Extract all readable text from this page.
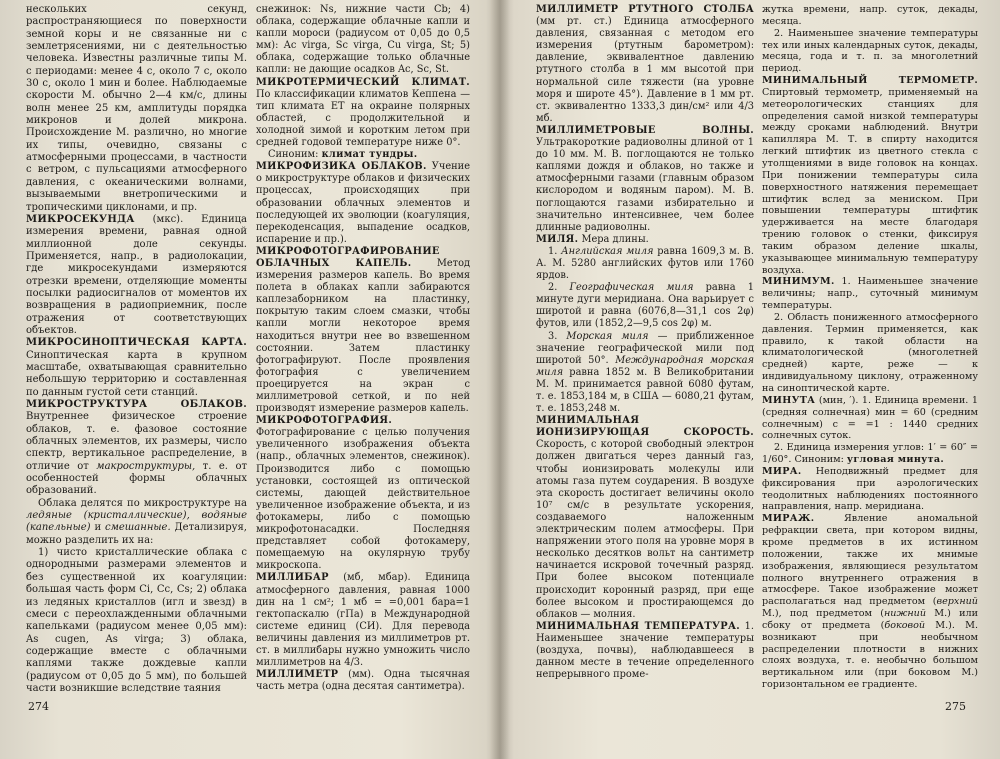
нескольких секунд, распространяющиеся по поверхности земной коры и не связанные ни с землетрясениями, ни с деятельностью человека. Известны различные типы М. с периодами: менее 4 с, около 7 с, около 30 с, около 1 мин и более. Наблюдаемые скорости М. обычно 2—4 км/с, длины волн менее 25 км, амплитуды порядка микронов и долей микрона. Происхождение М. различно, но многие их типы, очевидно, связаны с атмосферными процессами, в частности с ветром, с пульсациями атмосферного давления, с океаническими волнами, вызываемыми внетропическими и тропическими циклонами, и пр.

МИКРОСЕКУНДА (мкс). Единица измерения времени, равная одной миллионной доле секунды. Применяется, напр., в радиолокации, где микросекундами измеряются отрезки времени, отделяющие моменты посылки радиосигналов от моментов их возвращения в радиоприемник, после отражения от соответствующих объектов.

МИКРОСИНОПТИЧЕСКАЯ КАРТА. Синоптическая карта в крупном масштабе, охватывающая сравнительно небольшую территорию и составленная по данным густой сети станций.

МИКРОСТРУКТУРА ОБЛАКОВ. Внутреннее физическое строение облаков, т. е. фазовое состояние облачных элементов, их размеры, число спектр, вертикальное распределение, в отличие от макроструктуры, т. е. от особенностей формы облачных образований.

Облака делятся по микроструктуре на ледяные (кристаллические), водяные (капельные) и смешанные. Детализируя, можно разделить их на:

1) чисто кристаллические облака с однородными размерами элементов и без существенной их коагуляции: большая часть форм Ci, Cc, Cs; 2) облака из ледяных кристаллов (игл и звезд) в смеси с переохлажденными облачными капельками (радиусом менее 0,05 мм): As cugen, As virga; 3) облака, содержащие вместе с облачными каплями также дождевые капли (радиусом от 0,05 до 5 мм), по большей части возникшие вследствие таяния

снежинок: Ns, нижние части Cb; 4) облака, содержащие облачные капли и капли мороси (радиусом от 0,05 до 0,5 мм): Ac virga, Sc virga, Cu virga, St; 5) облака, содержащие только облачные капли: не дающие осадков Ac, Sc, St.

МИКРОТЕРМИЧЕСКИЙ КЛИМАТ. По классификации климатов Кеппена — тип климата ЕТ на окраине полярных областей, с продолжительной и холодной зимой и коротким летом при средней годовой температуре ниже 0°.

Синоним: климат тундры.

МИКРОФИЗИКА ОБЛАКОВ. Учение о микроструктуре облаков и физических процессах, происходящих при образовании облачных элементов и последующей их эволюции (коагуляция, перекоденсация, выпадение осадков, испарение и пр.).

МИКРОФОТОГРАФИРОВАНИЕ ОБЛАЧНЫХ КАПЕЛЬ. Метод измерения размеров капель. Во время полета в облаках капли забираются каплезаборником на пластинку, покрытую таким слоем смазки, чтобы капли могли некоторое время находиться внутри нее во взвешенном состоянии. Затем пластинку фотографируют. После проявления фотография с увеличением проецируется на экран с миллиметровой сеткой, и по ней производят измерение размеров капель.

МИКРОФОТОГРАФИЯ. Фотографирование с целью получения увеличенного изображения объекта (напр., облачных элементов, снежинок). Производится либо с помощью установки, состоящей из оптической системы, дающей действительное увеличенное изображение объекта, и из фотокамеры, либо с помощью микрофотонасадки. Последняя представляет собой фотокамеру, помещаемую на окулярную трубу микроскопа.

МИЛЛИБАР (мб, мбар). Единица атмосферного давления, равная 1000 дин на 1 см²; 1 мб = =0,001 бара=1 гектопаскалю (гПа) в Международной системе единиц (СИ). Для перевода величины давления из миллиметров рт. ст. в миллибары нужно умножить число миллиметров на 4/3.

МИЛЛИМЕТР (мм). Одна тысячная часть метра (одна десятая сантиметра).

274

МИЛЛИМЕТР РТУТНОГО СТОЛБА (мм рт. ст.) Единица атмосферного давления, связанная с методом его измерения (ртутным барометром): давление, эквивалентное давлению ртутного столба в 1 мм высотой при нормальной силе тяжести (на уровне моря и широте 45°). Давление в 1 мм рт. ст. эквивалентно 1333,3 дин/см² или 4/3 мб.

МИЛЛИМЕТРОВЫЕ ВОЛНЫ. Ультракороткие радиоволны длиной от 1 до 10 мм. М. В. поглощаются не только каплями дождя и облаков, но также и атмосферными газами (главным образом кислородом и водяным паром). М. В. поглощаются газами избирательно и значительно интенсивнее, чем более длинные радиоволны.

МИЛЯ. Мера длины.

1. Английская миля равна 1609,3 м. В. А. М. 5280 английских футов или 1760 ярдов.

2. Географическая миля равна 1 минуте дуги меридиана. Она варьирует с широтой и равна (6076,8—31,1 cos 2φ) футов, или (1852,2—9,5 cos 2φ) м.

3. Морская миля — приближенное значение географической мили под широтой 50°. Международная морская миля равна 1852 м. В Великобритании М. М. принимается равной 6080 футам, т. е. 1853,184 м, в США — 6080,21 футам, т. е. 1853,248 м.

МИНИМАЛЬНАЯ ИОНИЗИРУЮЩАЯ СКОРОСТЬ. Скорость, с которой свободный электрон должен двигаться через данный газ, чтобы ионизировать молекулы или атомы газа путем соударения. В воздухе эта скорость достигает величины около 10⁷ см/с в результате ускорения, создаваемого наложенным электрическим полем атмосферы. При напряжении этого поля на уровне моря в несколько десятков вольт на сантиметр начинается искровой точечный разряд. При более высоком потенциале происходит коронный разряд, при еще более высоком и простирающемся до облаков — молния.

МИНИМАЛЬНАЯ ТЕМПЕРАТУРА. 1. Наименьшее значение температуры (воздуха, почвы), наблюдавшееся в данном месте в течение определенного непрерывного проме-

жутка времени, напр. суток, декады, месяца.

2. Наименьшее значение температуры тех или иных календарных суток, декады, месяца, года и т. п. за многолетний период.

МИНИМАЛЬНЫЙ ТЕРМОМЕТР. Спиртовый термометр, применяемый на метеорологических станциях для определения самой низкой температуры между сроками наблюдений. Внутри капилляра М. Т. в спирту находится легкий штифтик из цветного стекла с утолщениями в виде головок на концах. При понижении температуры сила поверхностного натяжения перемещает штифтик вслед за мениском. При повышении температуры штифтик удерживается на месте благодаря трению головок о стенки, фиксируя таким образом деление шкалы, указывающее минимальную температуру воздуха.

МИНИМУМ. 1. Наименьшее значение величины; напр., суточный минимум температуры.

2. Область пониженного атмосферного давления. Термин применяется, как правило, к такой области на климатологической (многолетней средней) карте, реже — к индивидуальному циклону, отраженному на синоптической карте.

МИНУТА (мин, ′). 1. Единица времени. 1 (средняя солнечная) мин = 60 (средним солнечным) с = =1 : 1440 средних солнечных суток.

2. Единица измерения углов: 1′ = 60″ = 1/60°. Синоним: угловая минута.

МИРА. Неподвижный предмет для фиксирования при аэрологических теодолитных наблюдениях постоянного направления, напр. меридиана.

МИРАЖ. Явление аномальной рефракции света, при котором видны, кроме предметов в их истинном положении, также их мнимые изображения, являющиеся результатом полного внутреннего отражения в атмосфере. Такое изображение может располагаться над предметом (верхний М.), под предметом (нижний М.) или сбоку от предмета (боковой М.). М. возникают при необычном распределении плотности в нижних слоях воздуха, т. е. необычно большом вертикальном или (при боковом М.) горизонтальном ее градиенте.

275
